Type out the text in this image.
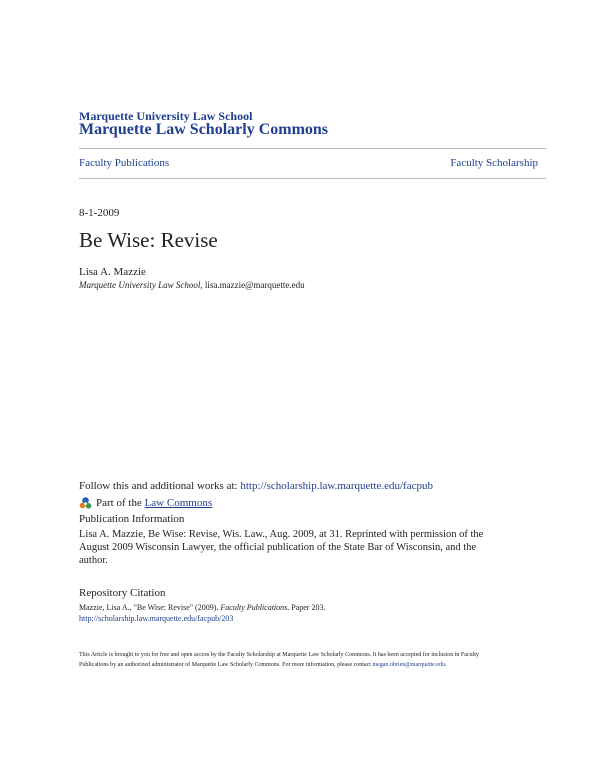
Marquette University Law School
Marquette Law Scholarly Commons
Faculty Publications	Faculty Scholarship
8-1-2009
Be Wise: Revise
Lisa A. Mazzie
Marquette University Law School, lisa.mazzie@marquette.edu
Follow this and additional works at: http://scholarship.law.marquette.edu/facpub
Part of the
Law Commons
Publication Information
Lisa A. Mazzie, Be Wise: Revise, Wis. Law., Aug. 2009, at 31. Reprinted with permission of the August 2009 Wisconsin Lawyer, the official publication of the State Bar of Wisconsin, and the author.
Repository Citation
Mazzie, Lisa A., "Be Wise: Revise" (2009). Faculty Publications. Paper 203.
http://scholarship.law.marquette.edu/facpub/203
This Article is brought to you for free and open access by the Faculty Scholarship at Marquette Law Scholarly Commons. It has been accepted for inclusion in Faculty Publications by an authorized administrator of Marquette Law Scholarly Commons. For more information, please contact megan.obrien@marquette.edu.
